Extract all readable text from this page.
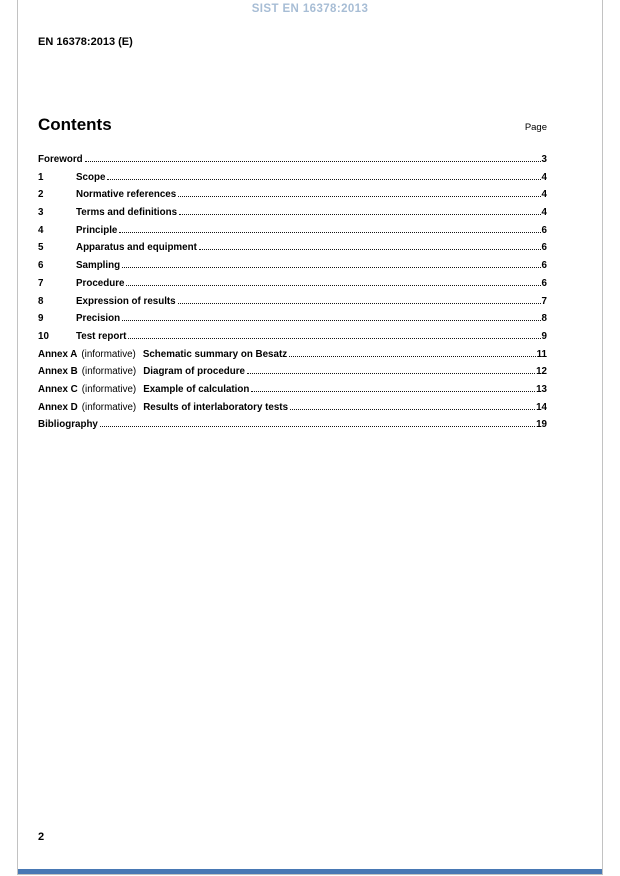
SIST EN 16378:2013
EN 16378:2013 (E)
Contents	Page
Foreword	3
1	Scope	4
2	Normative references	4
3	Terms and definitions	4
4	Principle	6
5	Apparatus and equipment	6
6	Sampling	6
7	Procedure	6
8	Expression of results	7
9	Precision	8
10	Test report	9
Annex A (informative) Schematic summary on Besatz	11
Annex B (informative) Diagram of procedure	12
Annex C (informative) Example of calculation	13
Annex D (informative) Results of interlaboratory tests	14
Bibliography	19
2
